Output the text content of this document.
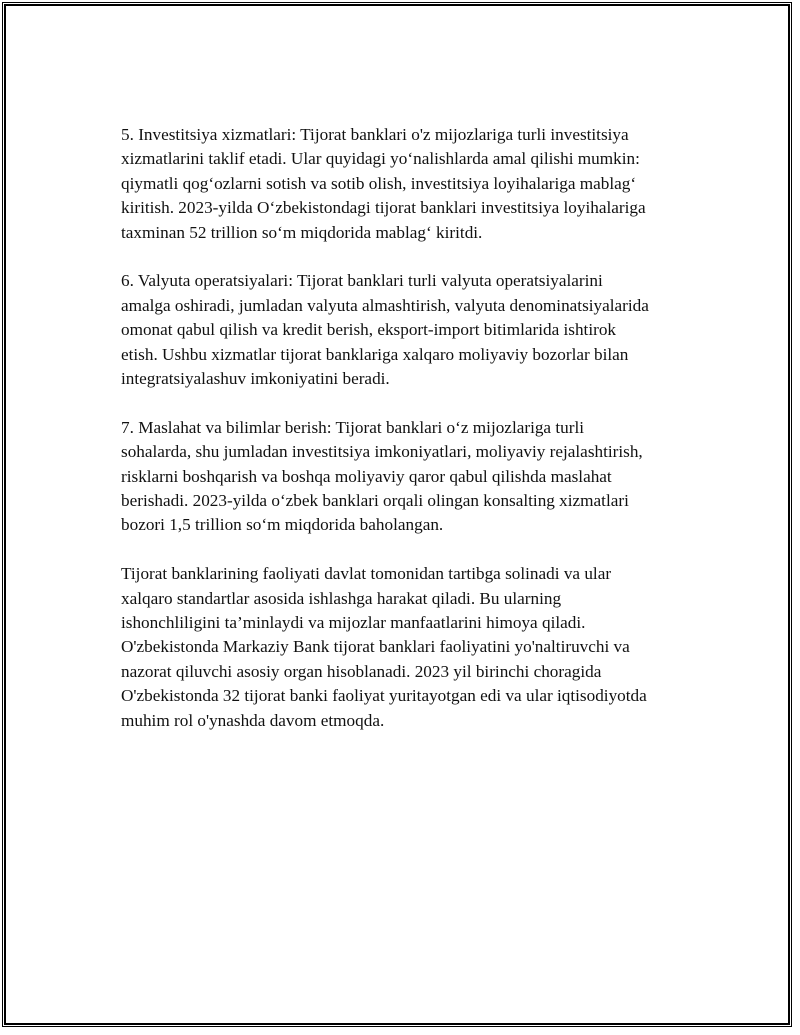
5. Investitsiya xizmatlari: Tijorat banklari o'z mijozlariga turli investitsiya
xizmatlarini taklif etadi. Ular quyidagi yo‘nalishlarda amal qilishi mumkin:
qiymatli qog‘ozlarni sotish va sotib olish, investitsiya loyihalariga mablag‘
kiritish. 2023-yilda O‘zbekistondagi tijorat banklari investitsiya loyihalariga
taxminan 52 trillion so‘m miqdorida mablag‘ kiritdi.

6. Valyuta operatsiyalari: Tijorat banklari turli valyuta operatsiyalarini
amalga oshiradi, jumladan valyuta almashtirish, valyuta denominatsiyalarida
omonat qabul qilish va kredit berish, eksport-import bitimlarida ishtirok
etish. Ushbu xizmatlar tijorat banklariga xalqaro moliyaviy bozorlar bilan
integratsiyalashuv imkoniyatini beradi.

7. Maslahat va bilimlar berish: Tijorat banklari o‘z mijozlariga turli
sohalarda, shu jumladan investitsiya imkoniyatlari, moliyaviy rejalashtirish,
risklarni boshqarish va boshqa moliyaviy qaror qabul qilishda maslahat
berishadi. 2023-yilda o‘zbek banklari orqali olingan konsalting xizmatlari
bozori 1,5 trillion so‘m miqdorida baholangan.

Tijorat banklarining faoliyati davlat tomonidan tartibga solinadi va ular
xalqaro standartlar asosida ishlashga harakat qiladi. Bu ularning
ishonchliligini ta’minlaydi va mijozlar manfaatlarini himoya qiladi.
O'zbekistonda Markaziy Bank tijorat banklari faoliyatini yo'naltiruvchi va
nazorat qiluvchi asosiy organ hisoblanadi. 2023 yil birinchi choragida
O'zbekistonda 32 tijorat banki faoliyat yuritayotgan edi va ular iqtisodiyotda
muhim rol o'ynashda davom etmoqda.
